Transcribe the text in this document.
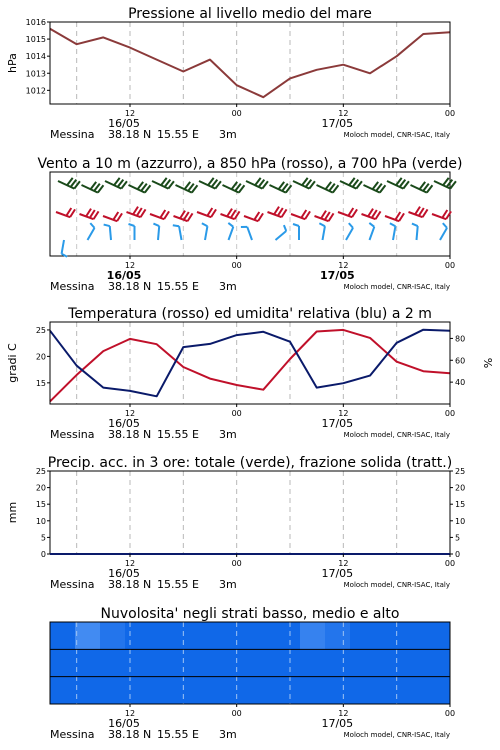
Pressione al livello medio del mare
1012
1013
1014
1015
1016
hPa
12	00	12	00
16/05	17/05
Messina 38.18 N 15.55 E 3m	Moloch model, CNR-ISAC, Italy
Vento a 10 m (azzurro), a 850 hPa (rosso), a 700 hPa (verde)
12	00	12	00
16/05	17/05
Messina 38.18 N 15.55 E 3m	Moloch model, CNR-ISAC, Italy
Temperatura (rosso) ed umidita' relativa (blu) a 2 m
15
20
25
40
60
80
gradi C	%
12	00	12	00
16/05	17/05
Messina 38.18 N 15.55 E 3m	Moloch model, CNR-ISAC, Italy
Precip. acc. in 3 ore: totale (verde), frazione solida (tratt.)
0
5
10
15
20
25
0
5
10
15
20
25
mm
12	00	12	00
16/05	17/05
Messina 38.18 N 15.55 E 3m	Moloch model, CNR-ISAC, Italy
Nuvolosita' negli strati basso, medio e alto
12	00	12	00
16/05	17/05
Messina 38.18 N 15.55 E 3m	Moloch model, CNR-ISAC, Italy
